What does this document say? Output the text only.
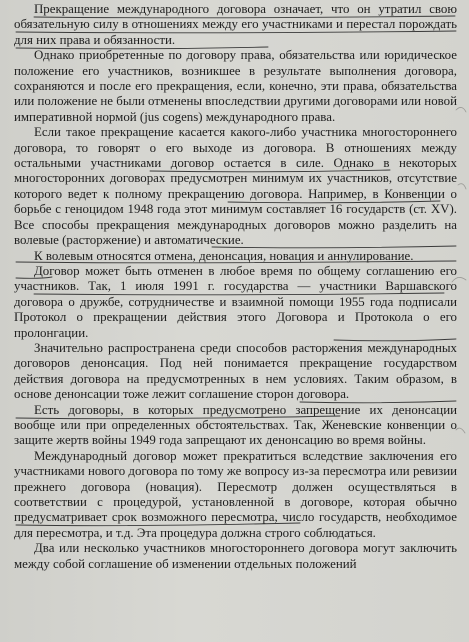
Прекращение международного договора означает, что он утратил свою обязательную силу в отношениях между его участниками и перестал порождать для них права и обязанности.

Однако приобретенные по договору права, обязательства или юридическое положение его участников, возникшее в результате выполнения договора, сохраняются и после его прекращения, если, конечно, эти права, обязательства или положение не были отменены впоследствии другими договорами или новой императивной нормой (jus cogens) международного права.

Если такое прекращение касается какого-либо участника многостороннего договора, то говорят о его выходе из договора. В отношениях между остальными участниками договор остается в силе. Однако в некоторых многосторонних договорах предусмотрен минимум их участников, отсутствие которого ведет к полному прекращению договора. Например, в Конвенции о борьбе с геноцидом 1948 года этот минимум составляет 16 государств (ст. XV). Все способы прекращения международных договоров можно разделить на волевые (расторжение) и автоматические.

К волевым относятся отмена, денонсация, новация и аннулирование.

Договор может быть отменен в любое время по общему соглашению его участников. Так, 1 июля 1991 г. государства — участники Варшавского договора о дружбе, сотрудничестве и взаимной помощи 1955 года подписали Протокол о прекращении действия этого Договора и Протокола о его пролонгации.

Значительно распространена среди способов расторжения международных договоров денонсация. Под ней понимается прекращение государством действия договора на предусмотренных в нем условиях. Таким образом, в основе денонсации тоже лежит соглашение сторон договора.

Есть договоры, в которых предусмотрено запрещение их денонсации вообще или при определенных обстоятельствах. Так, Женевские конвенции о защите жертв войны 1949 года запрещают их денонсацию во время войны.

Международный договор может прекратиться вследствие заключения его участниками нового договора по тому же вопросу из-за пересмотра или ревизии прежнего договора (новация). Пересмотр должен осуществляться в соответствии с процедурой, установленной в договоре, которая обычно предусматривает срок возможного пересмотра, число государств, необходимое для пересмотра, и т.д. Эта процедура должна строго соблюдаться.

Два или несколько участников многостороннего договора могут заключить между собой соглашение об изменении отдельных положений
